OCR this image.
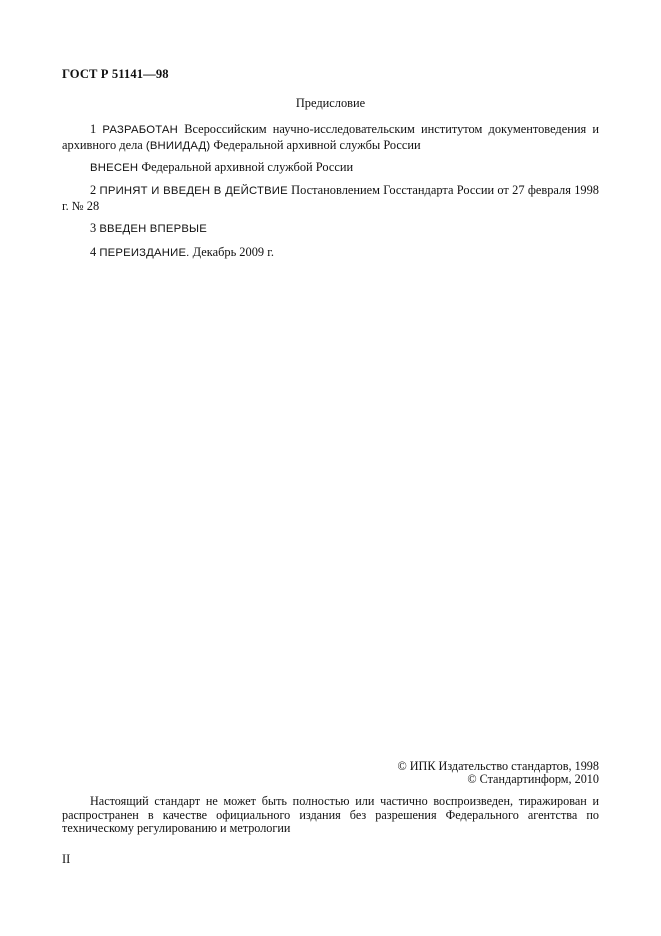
ГОСТ Р 51141—98
Предисловие

1 РАЗРАБОТАН Всероссийским научно-исследовательским институтом документоведения и архивного дела (ВНИИДАД) Федеральной архивной службы России

ВНЕСЕН Федеральной архивной службой России

2 ПРИНЯТ И ВВЕДЕН В ДЕЙСТВИЕ Постановлением Госстандарта России от 27 февраля 1998 г. № 28

3 ВВЕДЕН ВПЕРВЫЕ

4 ПЕРЕИЗДАНИЕ. Декабрь 2009 г.

© ИПК Издательство стандартов, 1998
© Стандартинформ, 2010

Настоящий стандарт не может быть полностью или частично воспроизведен, тиражирован и распространен в качестве официального издания без разрешения Федерального агентства по техническому регулированию и метрологии

II
